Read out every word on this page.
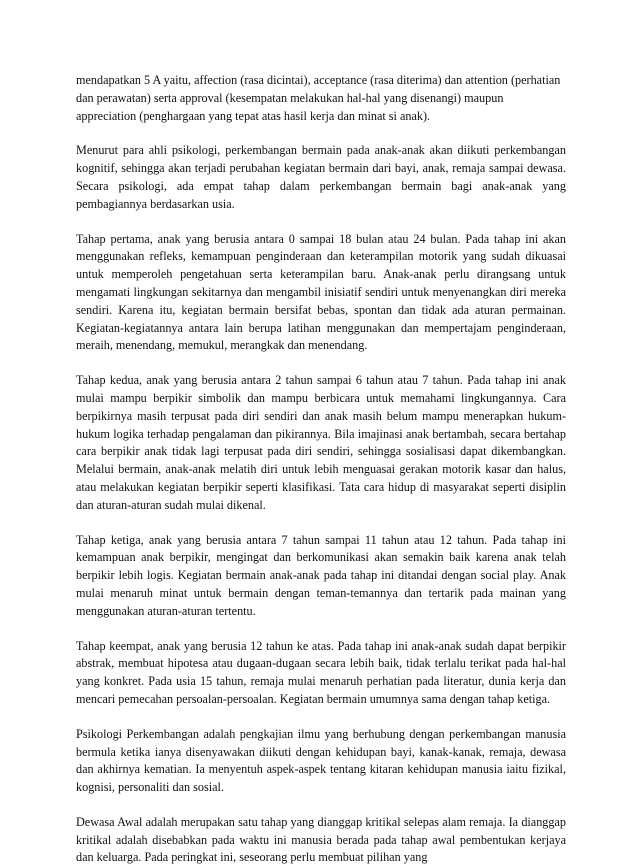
mendapatkan 5 A yaitu, affection (rasa dicintai), acceptance (rasa diterima) dan attention (perhatian dan perawatan) serta approval (kesempatan melakukan hal-hal yang disenangi) maupun appreciation (penghargaan yang tepat atas hasil kerja dan minat si anak).

Menurut para ahli psikologi, perkembangan bermain pada anak-anak akan diikuti perkembangan kognitif, sehingga akan terjadi perubahan kegiatan bermain dari bayi, anak, remaja sampai dewasa. Secara psikologi, ada empat tahap dalam perkembangan bermain bagi anak-anak yang pembagiannya berdasarkan usia.

Tahap pertama, anak yang berusia antara 0 sampai 18 bulan atau 24 bulan. Pada tahap ini akan menggunakan refleks, kemampuan penginderaan dan keterampilan motorik yang sudah dikuasai untuk memperoleh pengetahuan serta keterampilan baru. Anak-anak perlu dirangsang untuk mengamati lingkungan sekitarnya dan mengambil inisiatif sendiri untuk menyenangkan diri mereka sendiri. Karena itu, kegiatan bermain bersifat bebas, spontan dan tidak ada aturan permainan. Kegiatan-kegiatannya antara lain berupa latihan menggunakan dan mempertajam penginderaan, meraih, menendang, memukul, merangkak dan menendang.

Tahap kedua, anak yang berusia antara 2 tahun sampai 6 tahun atau 7 tahun. Pada tahap ini anak mulai mampu berpikir simbolik dan mampu berbicara untuk memahami lingkungannya. Cara berpikirnya masih terpusat pada diri sendiri dan anak masih belum mampu menerapkan hukum-hukum logika terhadap pengalaman dan pikirannya. Bila imajinasi anak bertambah, secara bertahap cara berpikir anak tidak lagi terpusat pada diri sendiri, sehingga sosialisasi dapat dikembangkan. Melalui bermain, anak-anak melatih diri untuk lebih menguasai gerakan motorik kasar dan halus, atau melakukan kegiatan berpikir seperti klasifikasi. Tata cara hidup di masyarakat seperti disiplin dan aturan-aturan sudah mulai dikenal.

Tahap ketiga, anak yang berusia antara 7 tahun sampai 11 tahun atau 12 tahun. Pada tahap ini kemampuan anak berpikir, mengingat dan berkomunikasi akan semakin baik karena anak telah berpikir lebih logis. Kegiatan bermain anak-anak pada tahap ini ditandai dengan social play. Anak mulai menaruh minat untuk bermain dengan teman-temannya dan tertarik pada mainan yang menggunakan aturan-aturan tertentu.

Tahap keempat, anak yang berusia 12 tahun ke atas. Pada tahap ini anak-anak sudah dapat berpikir abstrak, membuat hipotesa atau dugaan-dugaan secara lebih baik, tidak terlalu terikat pada hal-hal yang konkret. Pada usia 15 tahun, remaja mulai menaruh perhatian pada literatur, dunia kerja dan mencari pemecahan persoalan-persoalan. Kegiatan bermain umumnya sama dengan tahap ketiga.

Psikologi Perkembangan adalah pengkajian ilmu yang berhubung dengan perkembangan manusia bermula ketika ianya disenyawakan diikuti dengan kehidupan bayi, kanak-kanak, remaja, dewasa dan akhirnya kematian. Ia menyentuh aspek-aspek tentang kitaran kehidupan manusia iaitu fizikal, kognisi, personaliti dan sosial.

Dewasa Awal adalah merupakan satu tahap yang dianggap kritikal selepas alam remaja. Ia dianggap kritikal adalah disebabkan pada waktu ini manusia berada pada tahap awal pembentukan kerjaya dan keluarga. Pada peringkat ini, seseorang perlu membuat pilihan yang
